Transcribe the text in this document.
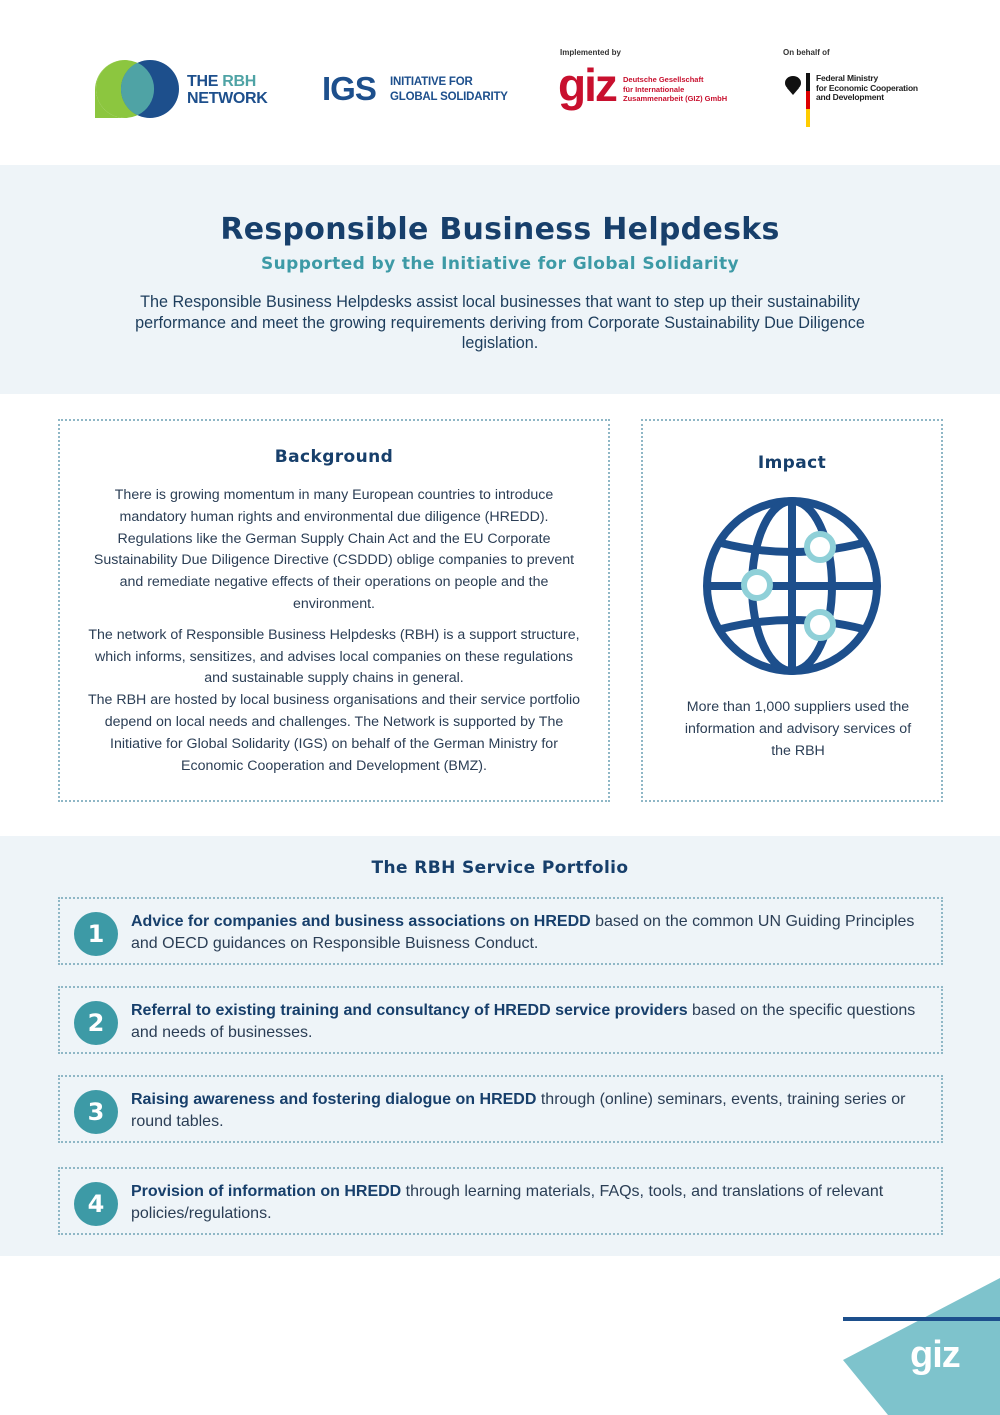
THE RBH
NETWORK IGS INITIATIVE FOR
GLOBAL SOLIDARITY
Implemented by
giz Deutsche Gesellschaft
für Internationale
Zusammenarbeit (GIZ) GmbH
On behalf of
Federal Ministry
for Economic Cooperation
and Development
Responsible Business Helpdesks
Supported by the Initiative for Global Solidarity

The Responsible Business Helpdesks assist local businesses that want to step up their sustainability performance and meet the growing requirements deriving from Corporate Sustainability Due Diligence legislation.

Background

There is growing momentum in many European countries to introduce mandatory human rights and environmental due diligence (HREDD). Regulations like the German Supply Chain Act and the EU Corporate Sustainability Due Diligence Directive (CSDDD) oblige companies to prevent and remediate negative effects of their operations on people and the environment.

The network of Responsible Business Helpdesks (RBH) is a support structure, which informs, sensitizes, and advises local companies on these regulations and sustainable supply chains in general.

The RBH are hosted by local business organisations and their service portfolio depend on local needs and challenges. The Network is supported by The Initiative for Global Solidarity (IGS) on behalf of the German Ministry for Economic Cooperation and Development (BMZ).

Impact

More than 1,000 suppliers used the information and advisory services of the RBH

The RBH Service Portfolio
1	Advice for companies and business associations on HREDD based on the common UN Guiding Principles and OECD guidances on Responsible Buisness Conduct.
2	Referral to existing training and consultancy of HREDD service providers based on the specific questions and needs of businesses.
3	Raising awareness and fostering dialogue on HREDD through (online) seminars, events, training series or round tables.
4	Provision of information on HREDD through learning materials, FAQs, tools, and translations of relevant policies/regulations.
giz
